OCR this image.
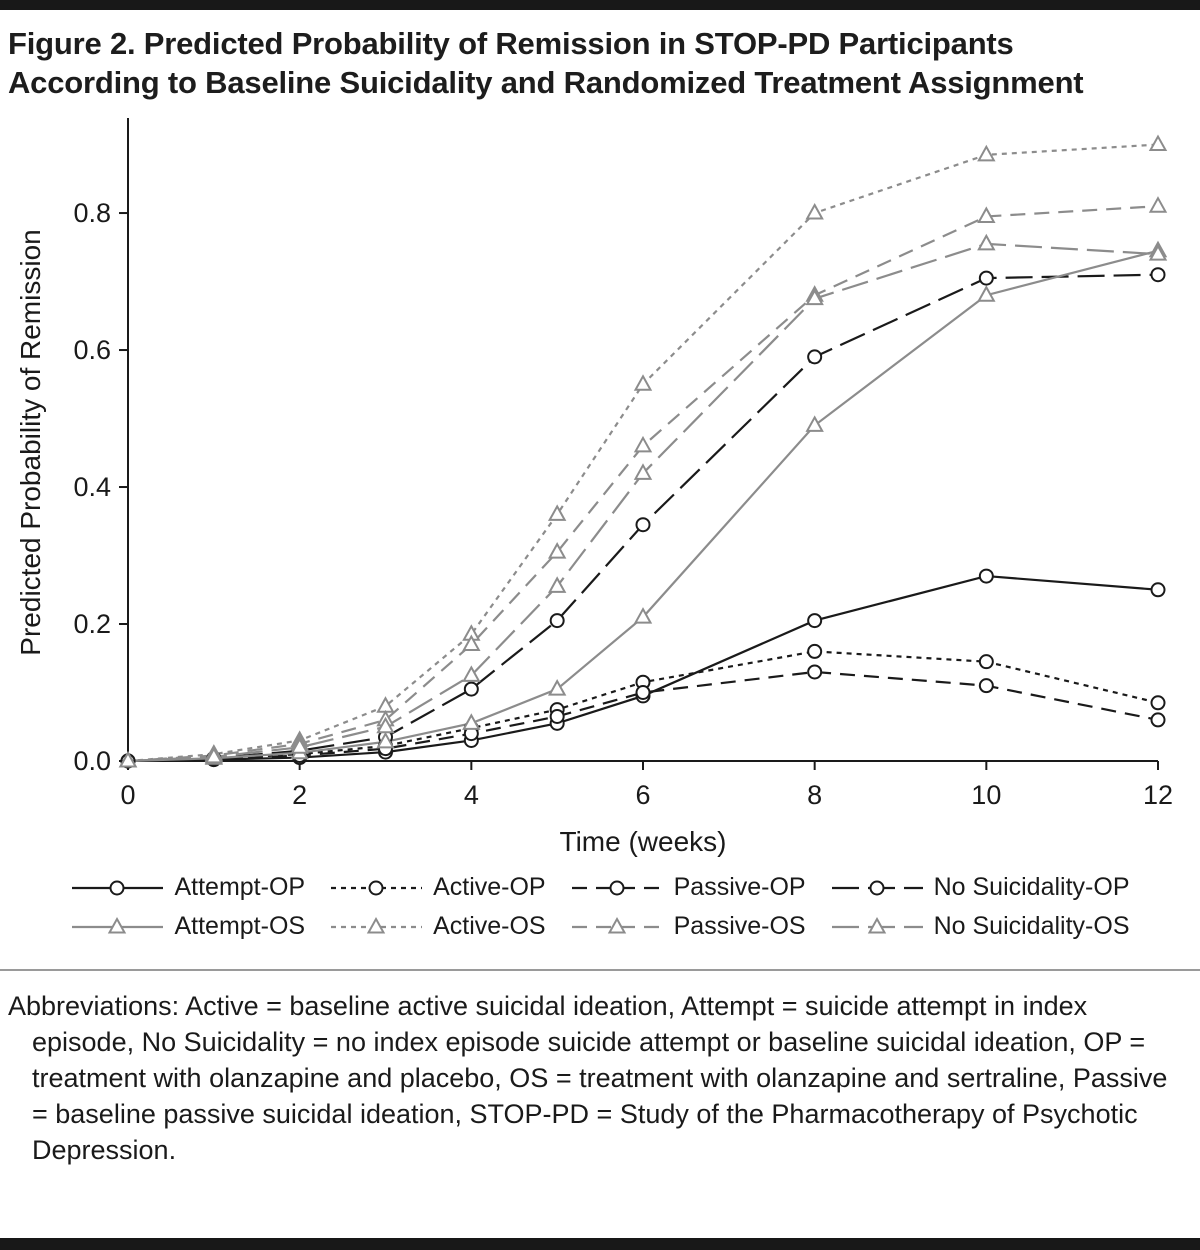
Figure 2. Predicted Probability of Remission in STOP-PD Participants
According to Baseline Suicidality and Randomized Treatment Assignment
0.0
0.2
0.4
0.6
0.8
0	2	4	6	8	10	12
Time (weeks)
Predicted Probability of Remission
Attempt-OP	Active-OP	Passive-OP	No Suicidality-OP
Attempt-OS	Active-OS	Passive-OS	No Suicidality-OS

Abbreviations: Active = baseline active suicidal ideation, Attempt = suicide attempt in index episode, No Suicidality = no index episode suicide attempt or baseline suicidal ideation, OP = treatment with olanzapine and placebo, OS = treatment with olanzapine and sertraline, Passive = baseline passive suicidal ideation, STOP-PD = Study of the Pharmacotherapy of Psychotic Depression.
